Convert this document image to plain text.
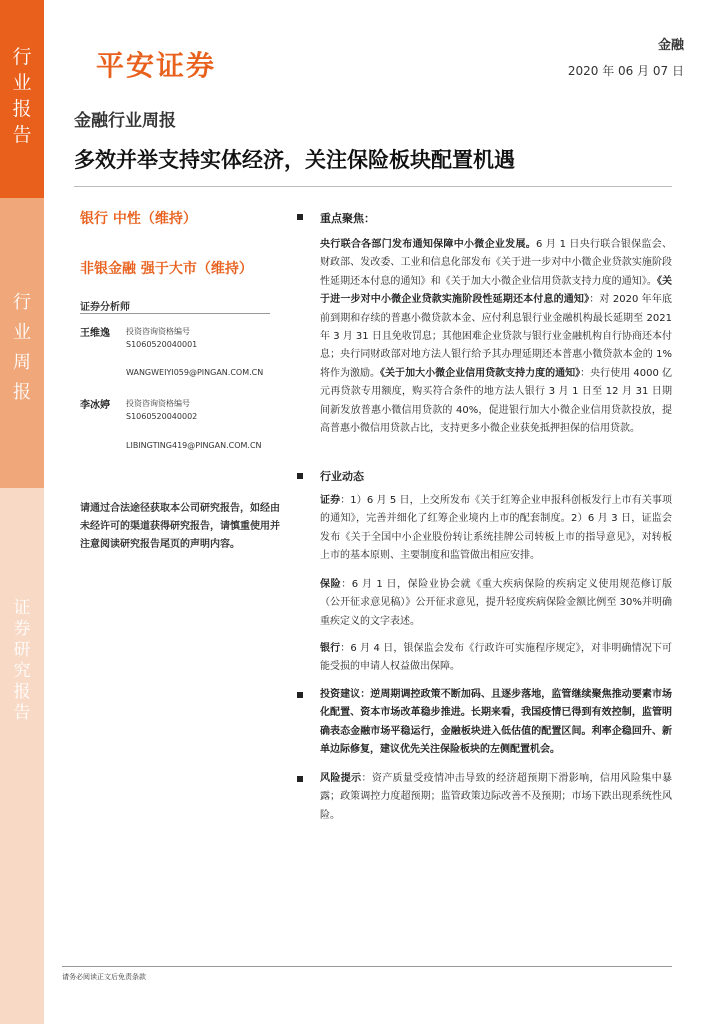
行
业
报
告
行
业
周
报
证
券
研
究
报
告
平安证券
金融
2020 年 06 月 07 日
金融行业周报
多效并举支持实体经济，关注保险板块配置机遇
银行 中性（维持）
非银金融 强于大市（维持）
证券分析师
王维逸 投资咨询资格编号
S1060520040001
WANGWEIYI059@PINGAN.COM.CN
李冰婷 投资咨询资格编号
S1060520040002
LIBINGTING419@PINGAN.COM.CN
请通过合法途径获取本公司研究报告，如经由未经许可的渠道获得研究报告，请慎重使用并注意阅读研究报告尾页的声明内容。
重点聚焦：
央行联合各部门发布通知保障中小微企业发展。6 月 1 日央行联合银保监会、财政部、发改委、工业和信息化部发布《关于进一步对中小微企业贷款实施阶段性延期还本付息的通知》和《关于加大小微企业信用贷款支持力度的通知》。《关于进一步对中小微企业贷款实施阶段性延期还本付息的通知》：对 2020 年年底前到期和存续的普惠小微贷款本金、应付利息银行业金融机构最长延期至 2021 年 3 月 31 日且免收罚息；其他困难企业贷款与银行业金融机构自行协商还本付息；央行同财政部对地方法人银行给予其办理延期还本普惠小微贷款本金的 1%将作为激励。《关于加大小微企业信用贷款支持力度的通知》：央行使用 4000 亿元再贷款专用额度，购买符合条件的地方法人银行 3 月 1 日至 12 月 31 日期间新发放普惠小微信用贷款的 40%，促进银行加大小微企业信用贷款投放，提高普惠小微信用贷款占比，支持更多小微企业获免抵押担保的信用贷款。
行业动态
证券：1）6 月 5 日，上交所发布《关于红筹企业申报科创板发行上市有关事项的通知》，完善并细化了红筹企业境内上市的配套制度。2）6 月 3 日，证监会发布《关于全国中小企业股份转让系统挂牌公司转板上市的指导意见》，对转板上市的基本原则、主要制度和监管做出相应安排。
保险：6 月 1 日，保险业协会就《重大疾病保险的疾病定义使用规范修订版（公开征求意见稿）》公开征求意见，提升轻度疾病保险金额比例至 30%并明确重疾定义的文字表述。
银行：6 月 4 日，银保监会发布《行政许可实施程序规定》，对非明确情况下可能受损的申请人权益做出保障。
投资建议：逆周期调控政策不断加码、且逐步落地，监管继续聚焦推动要素市场化配置、资本市场改革稳步推进。长期来看，我国疫情已得到有效控制，监管明确表态金融市场平稳运行，金融板块进入低估值的配置区间。利率企稳回升、新单边际修复，建议优先关注保险板块的左侧配置机会。
风险提示：资产质量受疫情冲击导致的经济超预期下滑影响，信用风险集中暴露；政策调控力度超预期；监管政策边际改善不及预期；市场下跌出现系统性风险。
请务必阅读正文后免责条款
